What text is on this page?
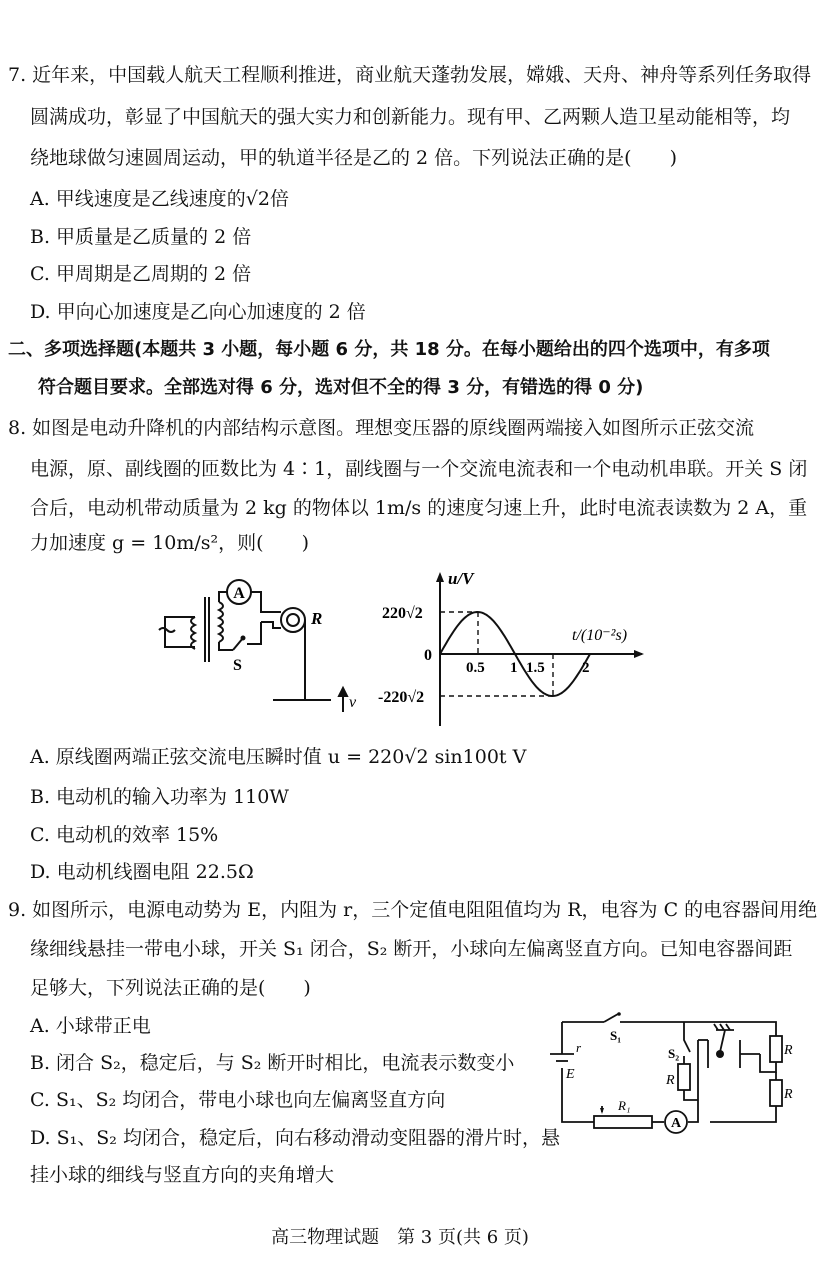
7. 近年来，中国载人航天工程顺利推进，商业航天蓬勃发展，嫦娥、天舟、神舟等系列任务取得
圆满成功，彰显了中国航天的强大实力和创新能力。现有甲、乙两颗人造卫星动能相等，均
绕地球做匀速圆周运动，甲的轨道半径是乙的 2 倍。下列说法正确的是(　　)
A. 甲线速度是乙线速度的√2倍
B. 甲质量是乙质量的 2 倍
C. 甲周期是乙周期的 2 倍
D. 甲向心加速度是乙向心加速度的 2 倍
二、多项选择题(本题共 3 小题，每小题 6 分，共 18 分。在每小题给出的四个选项中，有多项
符合题目要求。全部选对得 6 分，选对但不全的得 3 分，有错选的得 0 分)
8. 如图是电动升降机的内部结构示意图。理想变压器的原线圈两端接入如图所示正弦交流
电源，原、副线圈的匝数比为 4∶1，副线圈与一个交流电流表和一个电动机串联。开关 S 闭
合后，电动机带动质量为 2 kg 的物体以 1m/s 的速度匀速上升，此时电流表读数为 2 A，重
力加速度 g = 10m/s²，则(　　)
A
S
R
v
u/V
t/(10⁻²s)
0
220√2
-220√2
0.5 1 1.5 2
A. 原线圈两端正弦交流电压瞬时值 u = 220√2 sin100t V
B. 电动机的输入功率为 110W
C. 电动机的效率 15%
D. 电动机线圈电阻 22.5Ω
9. 如图所示，电源电动势为 E，内阻为 r，三个定值电阻阻值均为 R，电容为 C 的电容器间用绝
缘细线悬挂一带电小球，开关 S₁ 闭合，S₂ 断开，小球向左偏离竖直方向。已知电容器间距
足够大，下列说法正确的是(　　)
A. 小球带正电
B. 闭合 S₂，稳定后，与 S₂ 断开时相比，电流表示数变小
C. S₁、S₂ 均闭合，带电小球也向左偏离竖直方向
D. S₁、S₂ 均闭合，稳定后，向右移动滑动变阻器的滑片时，悬
挂小球的细线与竖直方向的夹角增大
A
r
E
S₁
S₂
R
R
R
R₁
高三物理试题　第 3 页(共 6 页)
